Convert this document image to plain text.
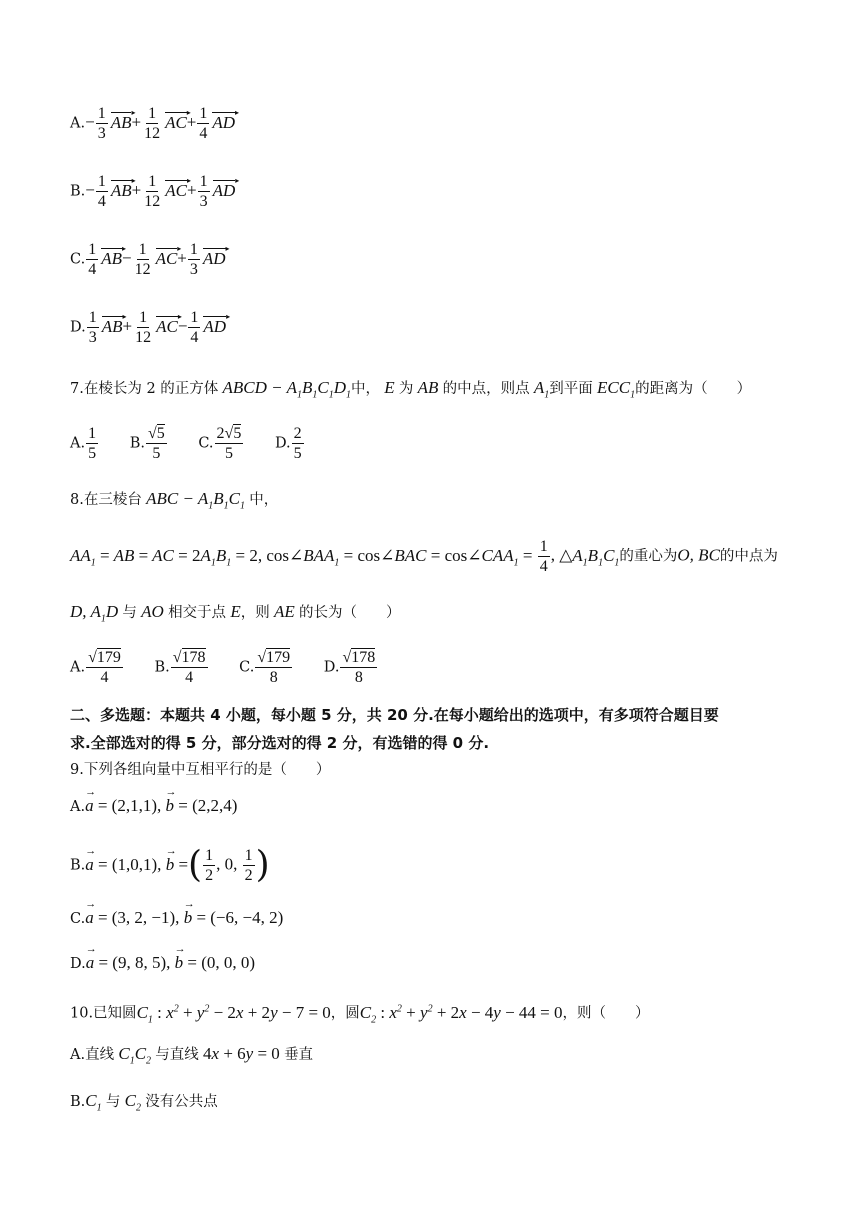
$A.- \frac{1}{3}$ AB ▸+ $\frac{1}{12}$ AC ▸+ $\frac{1}{4}$ AD ▸
$B.- \frac{1}{4}$ AB ▸+ $\frac{1}{12}$ AC ▸+ $\frac{1}{3}$ AD ▸
C. $\frac{1}{4}$ AB ▸− $\frac{1}{12}$ AC ▸+ $\frac{1}{3}$ AD ▸
D. $\frac{1}{3}$ AB ▸+ $\frac{1}{12}$ AC ▸− $\frac{1}{4}$ AD ▸
7.在棱长为 2 的正方体 ABCD − $A_1B_1C_1D_1$中， E 为 AB 的中点，则点 $A_1$到平面 $ECC_1$的距离为（　　）
A. $\frac{1}{5} B$. $\frac{√5}{5} C$. $\frac{2√5}{5} D$. $\frac{2}{5}$
8.在三棱台 ABC − $A_1B_1C_1$ 中，
$AA_1$ = AB = AC = $2A_1B_1 = 2$, $\cos\angle BAA_1$ = cos∠BAC = $\cos\angle CAA_1 = \frac{1}{4}$ , $\triangle A_1B_1C_1$的重心为O, BC的中点为
D, $A_1D$ 与 AO 相交于点 E，则 AE 的长为（　　）
A. $\frac{√179}{4} B$. $\frac{√178}{4} C$. $\frac{√179}{8} D$. $\frac{√178}{8}$
二、多选题：本题共 4 小题，每小题 5 分，共 20 分.在每小题给出的选项中，有多项符合题目要
求.全部选对的得 5 分，部分选对的得 2 分，有选错的得 0 分.
9.下列各组向量中互相平行的是（　　）
A.→ a = (2,1,1), → b = (2,2,4)
B.→ a = (1,0,1), → b =( $\frac{1}{2}$ , 0, $\frac{1}{2}$ )
C.→ a = (3, 2, −1), → b = (−6, −4, 2)
D.→ a = (9, 8, 5), → b = (0, 0, 0)
10.已知圆$C_1$ : $x^2 + y^2 - 2x + 2y - 7 = 0$，圆$C_2$ : $x^2 + y^2 + 2x - 4y - 44 = 0$，则（　　）
A.直线 $C_1C_2$ 与直线 4x + 6y = 0 垂直
$B.C_1$ 与 $C_2$ 没有公共点
